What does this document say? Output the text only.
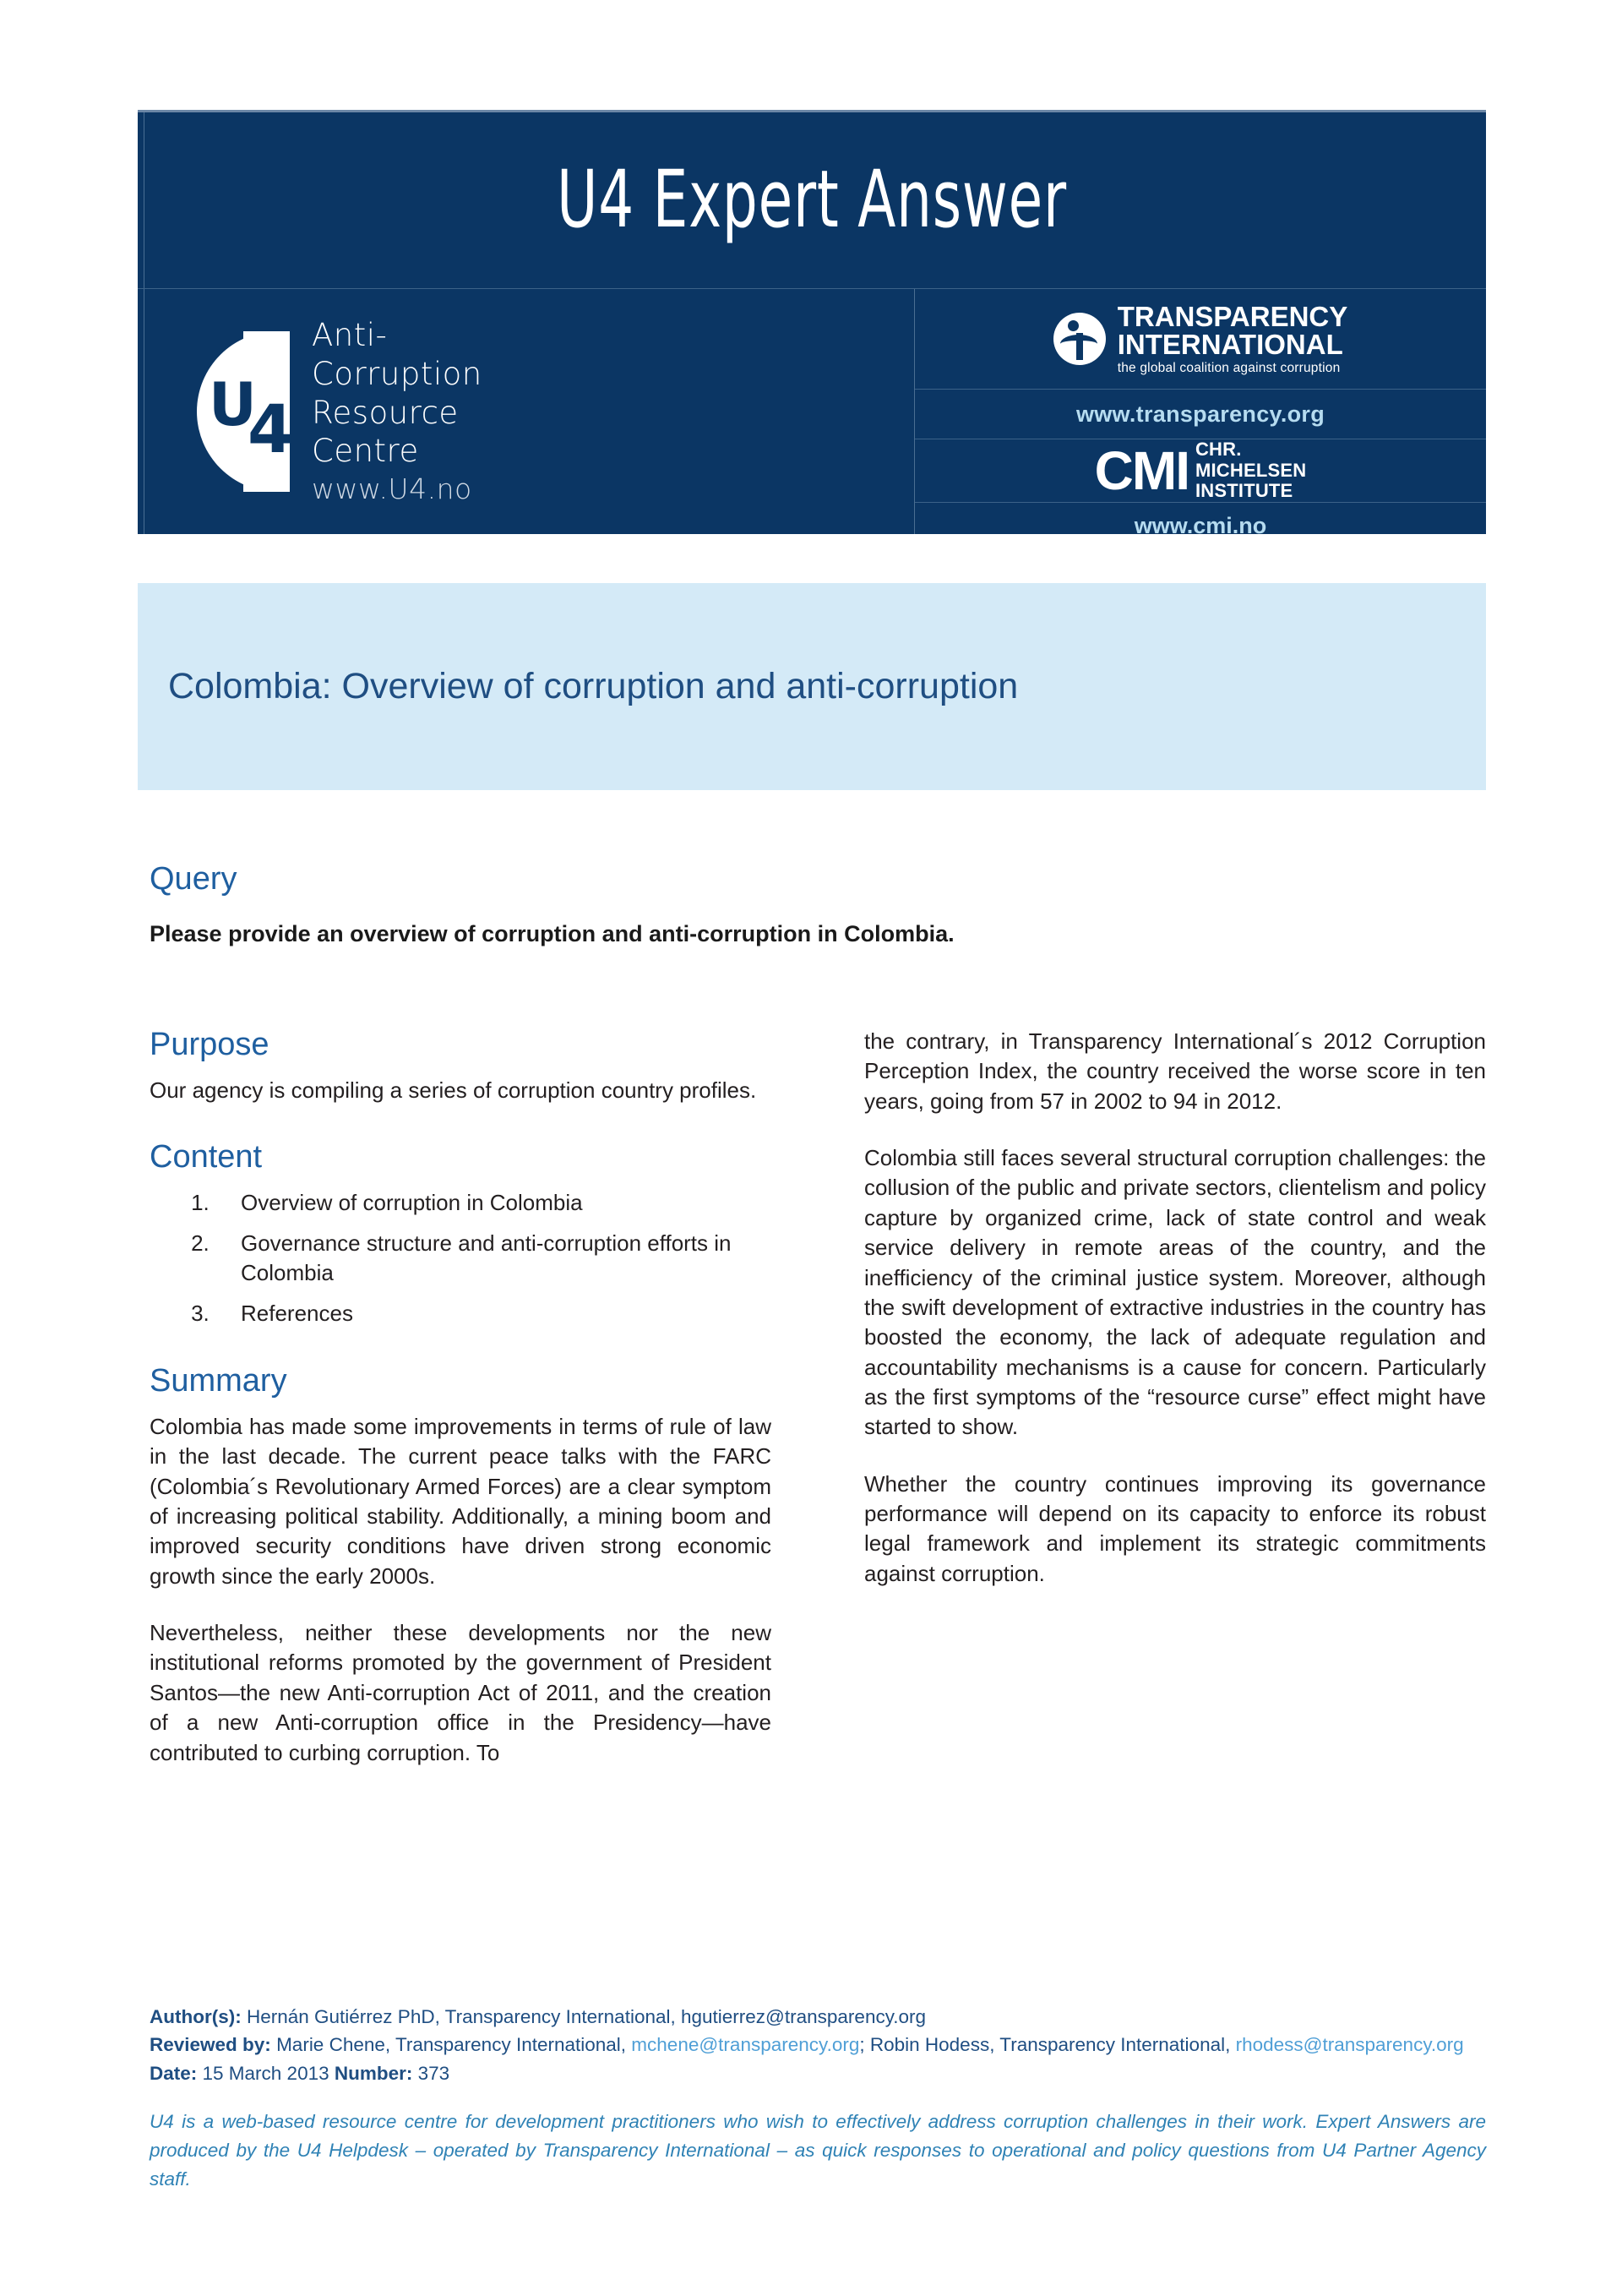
U4 Expert Answer
U
4
Anti-
Corruption
Resource
Centre
www.U4.no
TRANSPARENCY
INTERNATIONAL
the global coalition against corruption
www.transparency.org
CMI CHR.
MICHELSEN
INSTITUTE
www.cmi.no
Colombia: Overview of corruption and anti-corruption
Query

Please provide an overview of corruption and anti-corruption in Colombia.

Purpose

Our agency is compiling a series of corruption country profiles.

Content
1. Overview of corruption in Colombia
2. Governance structure and anti-corruption efforts in Colombia
3. References
Summary

Colombia has made some improvements in terms of rule of law in the last decade. The current peace talks with the FARC (Colombia´s Revolutionary Armed Forces) are a clear symptom of increasing political stability. Additionally, a mining boom and improved security conditions have driven strong economic growth since the early 2000s.

Nevertheless, neither these developments nor the new institutional reforms promoted by the government of President Santos—the new Anti-corruption Act of 2011, and the creation of a new Anti-corruption office in the Presidency—have contributed to curbing corruption. To

the contrary, in Transparency International´s 2012 Corruption Perception Index, the country received the worse score in ten years, going from 57 in 2002 to 94 in 2012.

Colombia still faces several structural corruption challenges: the collusion of the public and private sectors, clientelism and policy capture by organized crime, lack of state control and weak service delivery in remote areas of the country, and the inefficiency of the criminal justice system. Moreover, although the swift development of extractive industries in the country has boosted the economy, the lack of adequate regulation and accountability mechanisms is a cause for concern. Particularly as the first symptoms of the “resource curse” effect might have started to show.

Whether the country continues improving its governance performance will depend on its capacity to enforce its robust legal framework and implement its strategic commitments against corruption.

Author(s): Hernán Gutiérrez PhD, Transparency International, hgutierrez@transparency.org

Reviewed by: Marie Chene, Transparency International, mchene@transparency.org; Robin Hodess, Transparency International, rhodess@transparency.org

Date: 15 March 2013 Number: 373

U4 is a web-based resource centre for development practitioners who wish to effectively address corruption challenges in their work. Expert Answers are produced by the U4 Helpdesk – operated by Transparency International – as quick responses to operational and policy questions from U4 Partner Agency staff.
